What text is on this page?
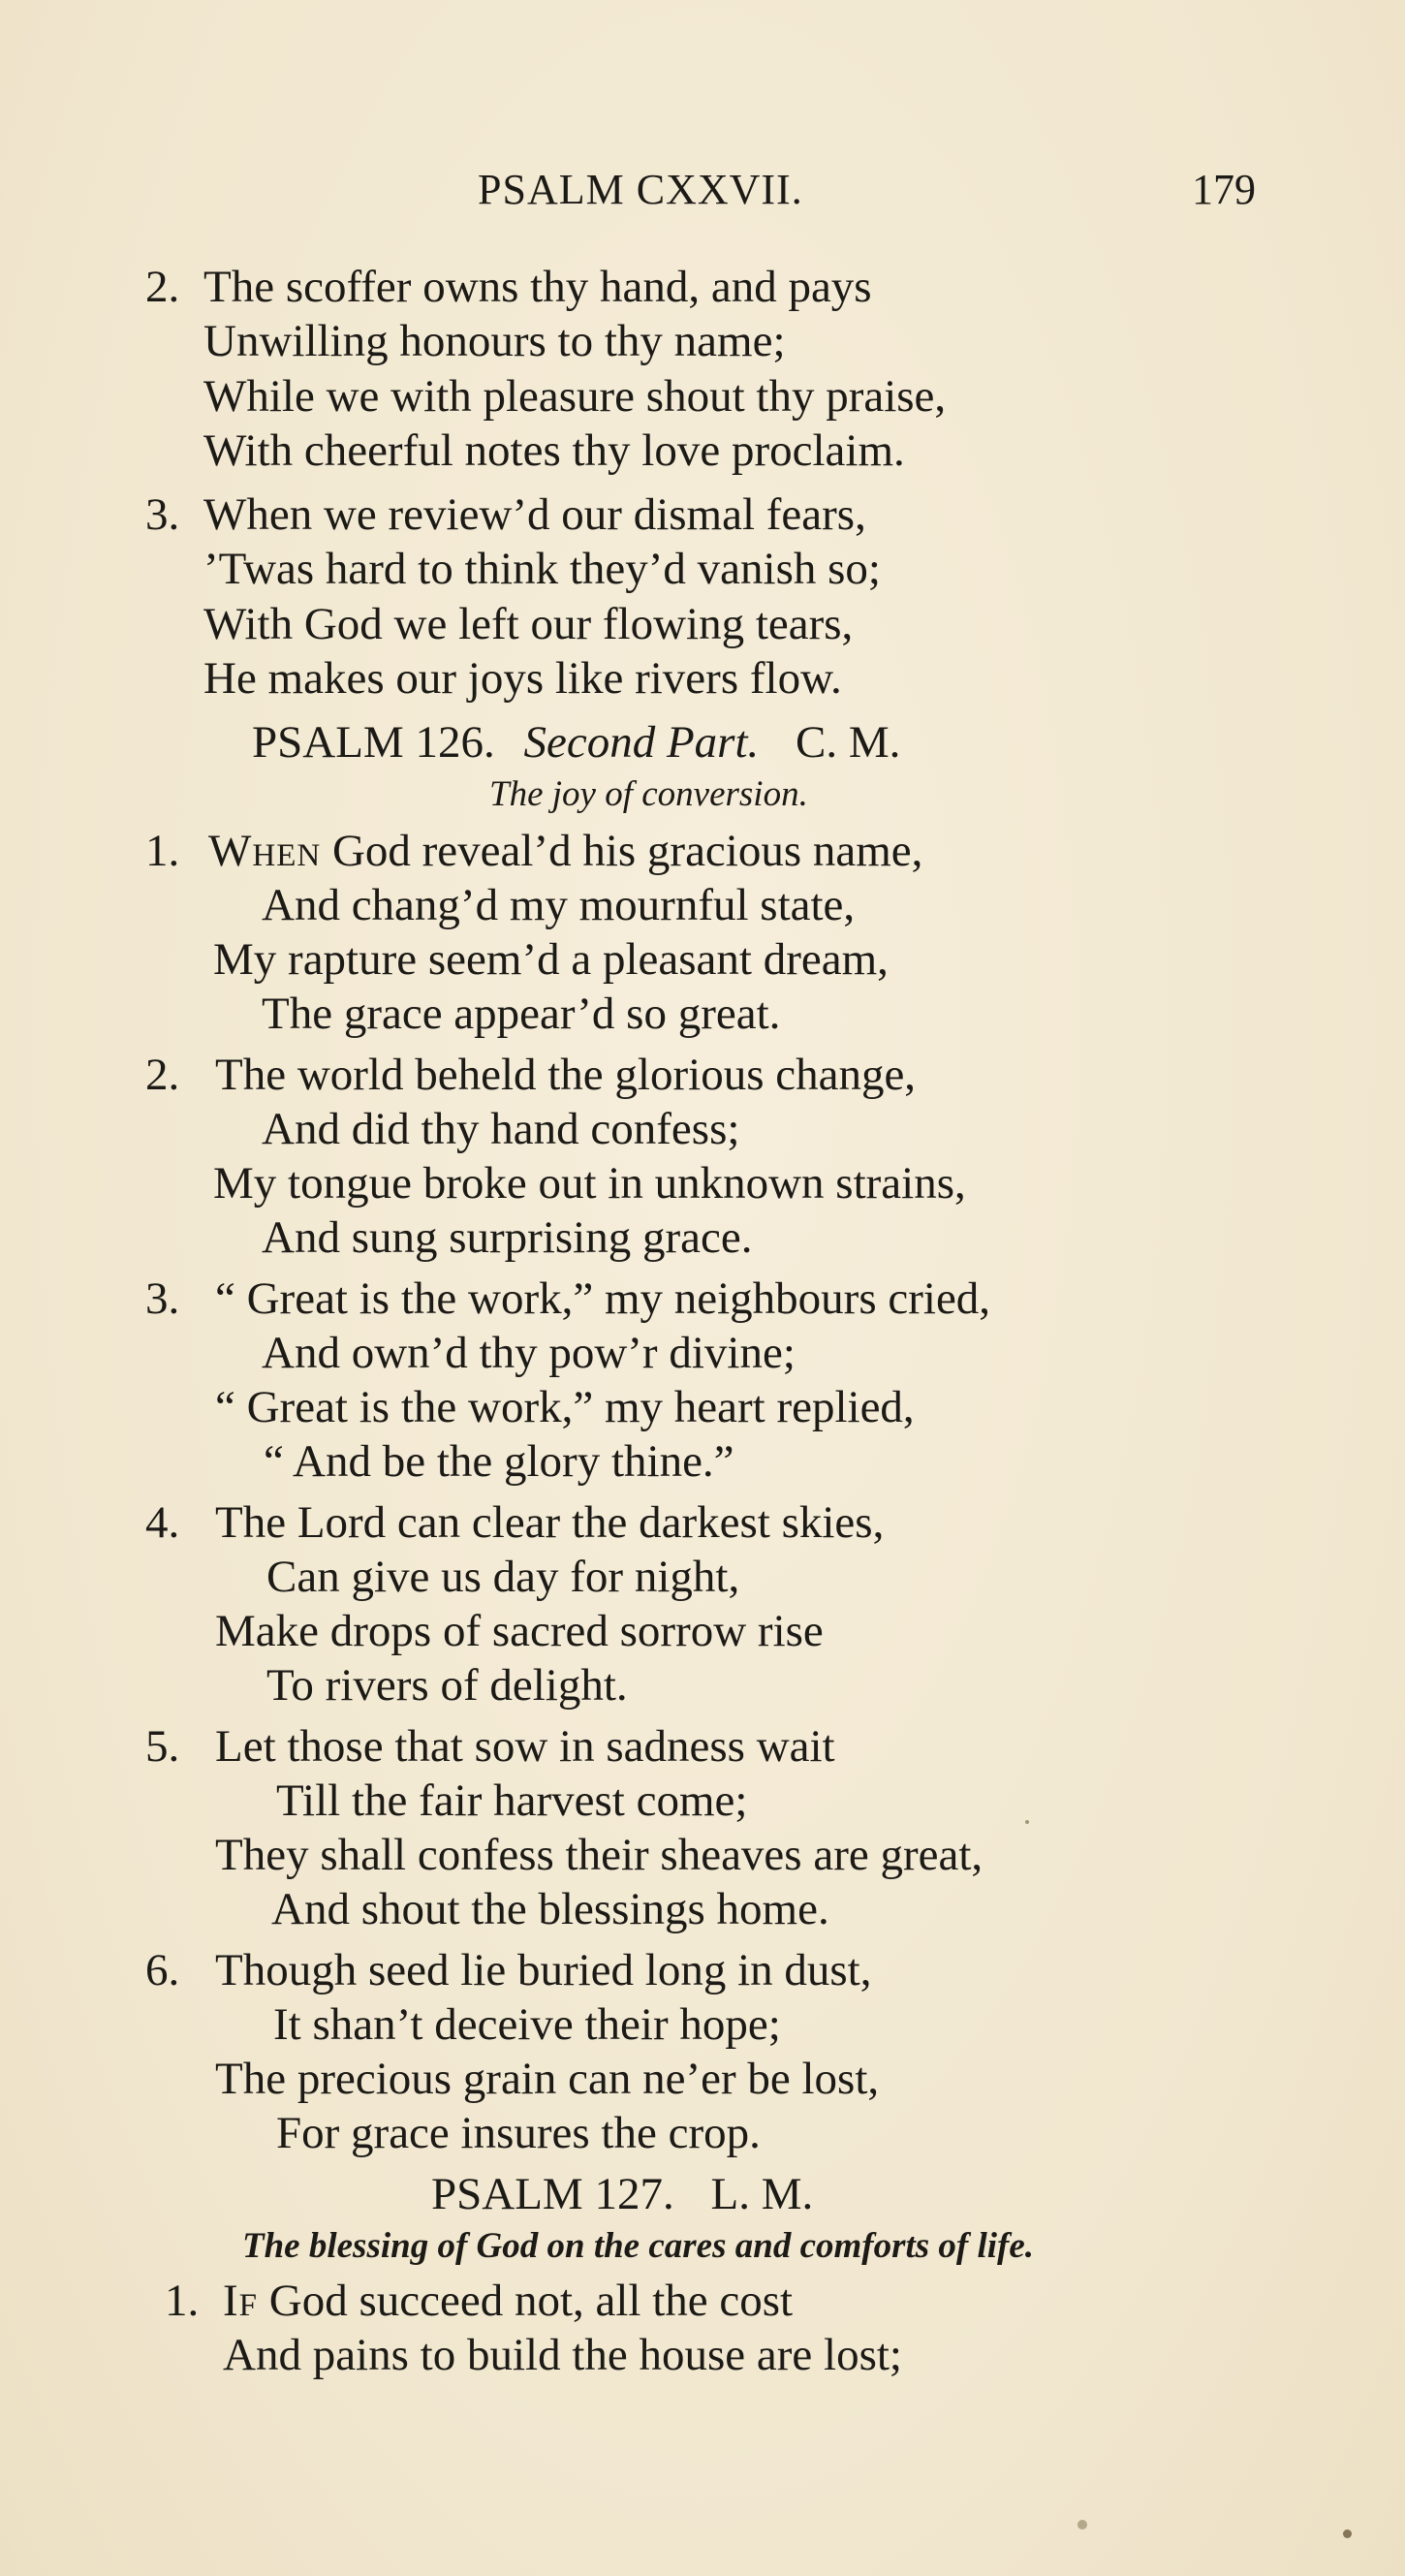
PSALM CXXVII.	179
2. The scoffer owns thy hand, and pays
Unwilling honours to thy name;
While we with pleasure shout thy praise,
With cheerful notes thy love proclaim.
3. When we review’d our dismal fears,
’Twas hard to think they’d vanish so;
With God we left our flowing tears,
He makes our joys like rivers flow.
PSALM 126. Second Part. C. M.
The joy of conversion.
1. When God reveal’d his gracious name,
And chang’d my mournful state,
My rapture seem’d a pleasant dream,
The grace appear’d so great.
2. The world beheld the glorious change,
And did thy hand confess;
My tongue broke out in unknown strains,
And sung surprising grace.
3. “ Great is the work,” my neighbours cried,
And own’d thy pow’r divine;
“ Great is the work,” my heart replied,
“ And be the glory thine.”
4. The Lord can clear the darkest skies,
Can give us day for night,
Make drops of sacred sorrow rise
To rivers of delight.
5. Let those that sow in sadness wait
Till the fair harvest come;
They shall confess their sheaves are great,
And shout the blessings home.
6. Though seed lie buried long in dust,
It shan’t deceive their hope;
The precious grain can ne’er be lost,
For grace insures the crop.
PSALM 127. L. M.
The blessing of God on the cares and comforts of life.
1. If God succeed not, all the cost
And pains to build the house are lost;
